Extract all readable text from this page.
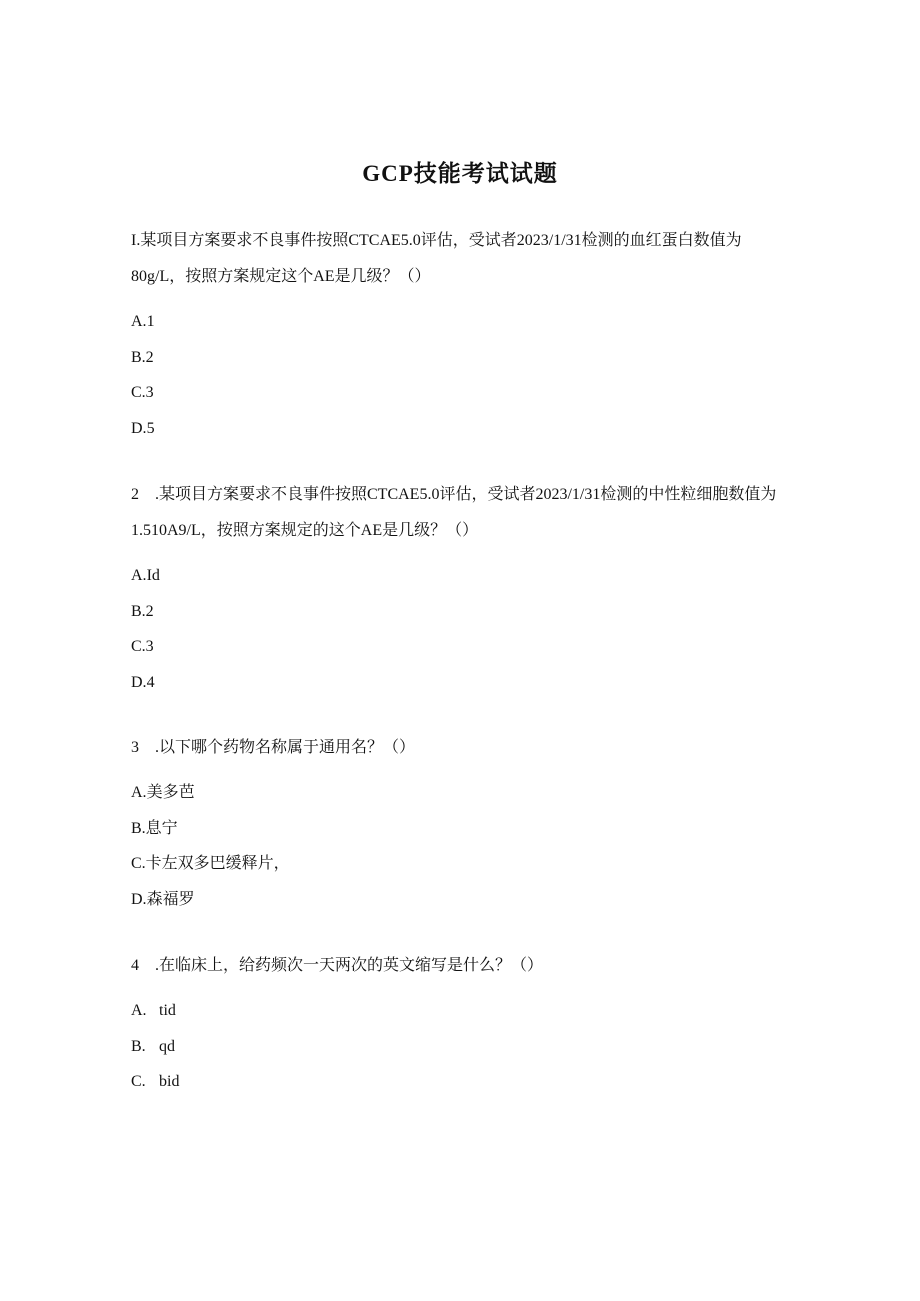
GCP技能考试试题

I.某项目方案要求不良事件按照CTCAE5.0评估，受试者2023/1/31检测的血红蛋白数值为80g/L，按照方案规定这个AE是几级？（）

A.1
B.2
C.3
D.5

2 .某项目方案要求不良事件按照CTCAE5.0评估，受试者2023/1/31检测的中性粒细胞数值为1.510A9/L，按照方案规定的这个AE是几级？（）

A.Id
B.2
C.3
D.4

3 .以下哪个药物名称属于通用名？（）

A.美多芭
B.息宁
C.卡左双多巴缓释片，
D.森福罗

4 .在临床上，给药频次一天两次的英文缩写是什么？（）

A. tid
B. qd
C. bid
